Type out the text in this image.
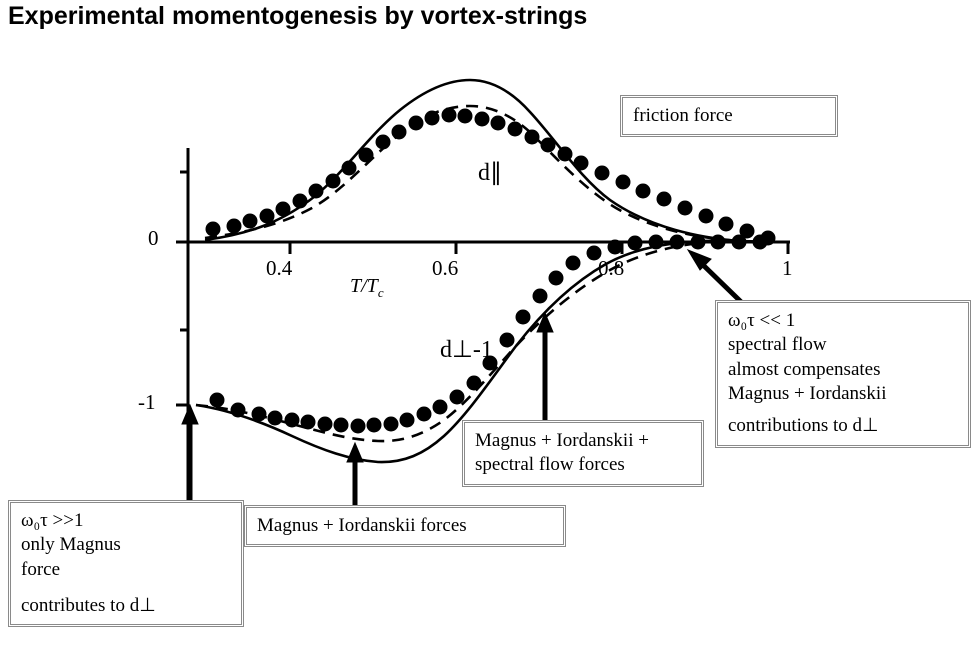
Experimental momentogenesis by vortex-strings
0.4	0.6	0.8	1
0
-1
$T/T_c$
d∥
d⊥-1
friction force
ω₀τ << 1
spectral flow
almost compensates
Magnus + Iordanskii
contributions to d⊥
Magnus + Iordanskii +
spectral flow forces
Magnus + Iordanskii forces
ω₀τ >>1
only Magnus
force
contributes to d⊥
